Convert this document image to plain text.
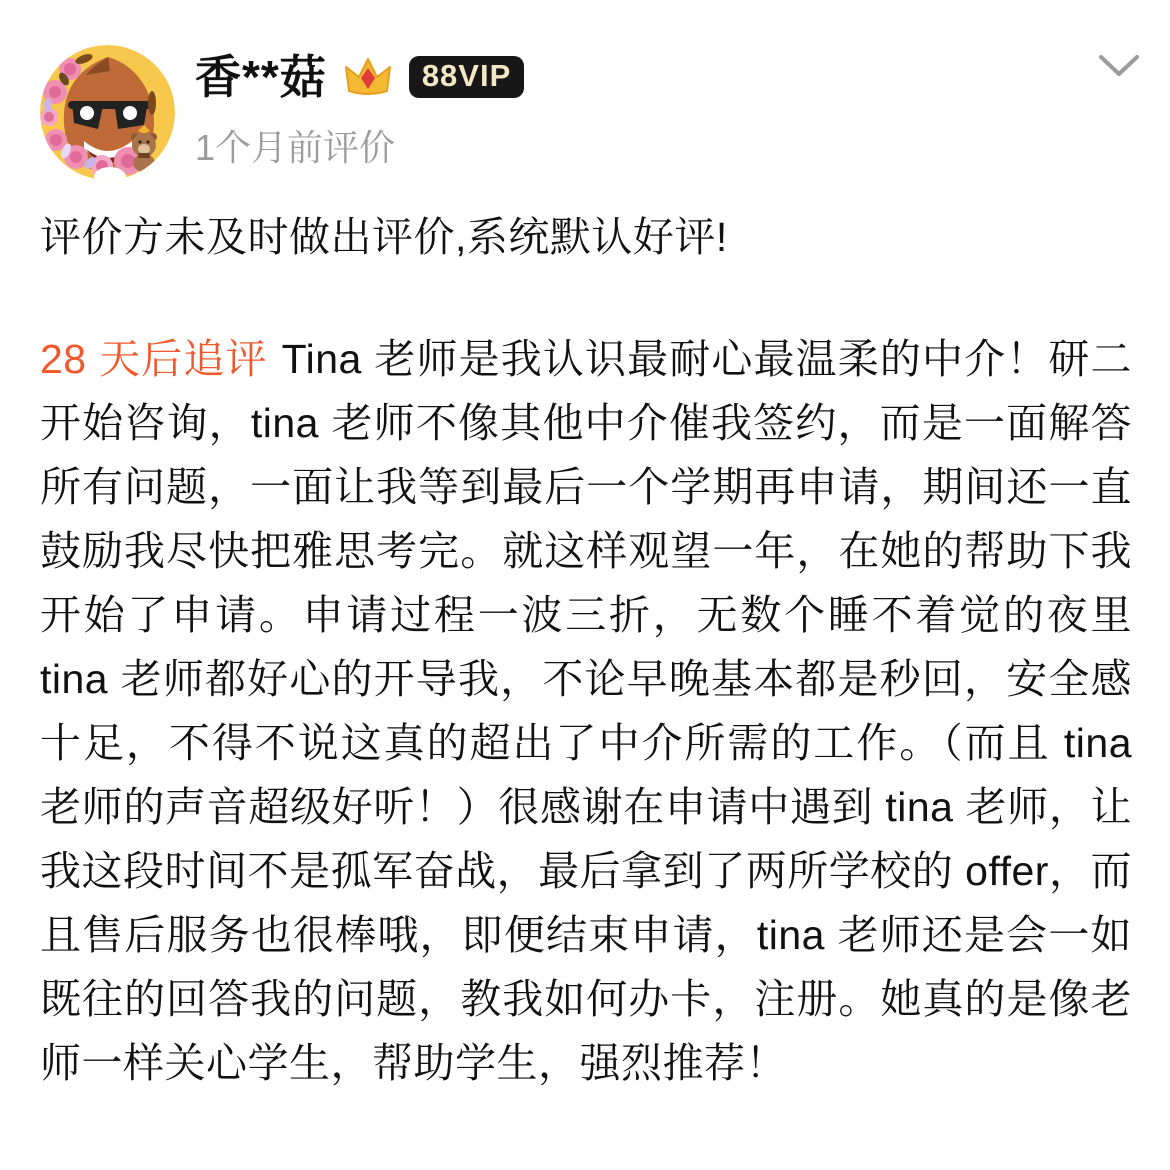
香**菇	88VIP
1个月前评价
评价方未及时做出评价,系统默认好评!
28 天后追评 Tina 老师是我认识最耐心最温柔的中介！研二开始咨询，tina 老师不像其他中介催我签约，而是一面解答所有问题，一面让我等到最后一个学期再申请，期间还一直鼓励我尽快把雅思考完。就这样观望一年，在她的帮助下我开始了申请。申请过程一波三折，无数个睡不着觉的夜里 tina 老师都好心的开导我，不论早晚基本都是秒回，安全感十足，不得不说这真的超出了中介所需的工作。（而且 tina 老师的声音超级好听！）很感谢在申请中遇到 tina 老师，让我这段时间不是孤军奋战，最后拿到了两所学校的 offer，而且售后服务也很棒哦，即便结束申请，tina 老师还是会一如既往的回答我的问题，教我如何办卡，注册。她真的是像老师一样关心学生，帮助学生，强烈推荐！
